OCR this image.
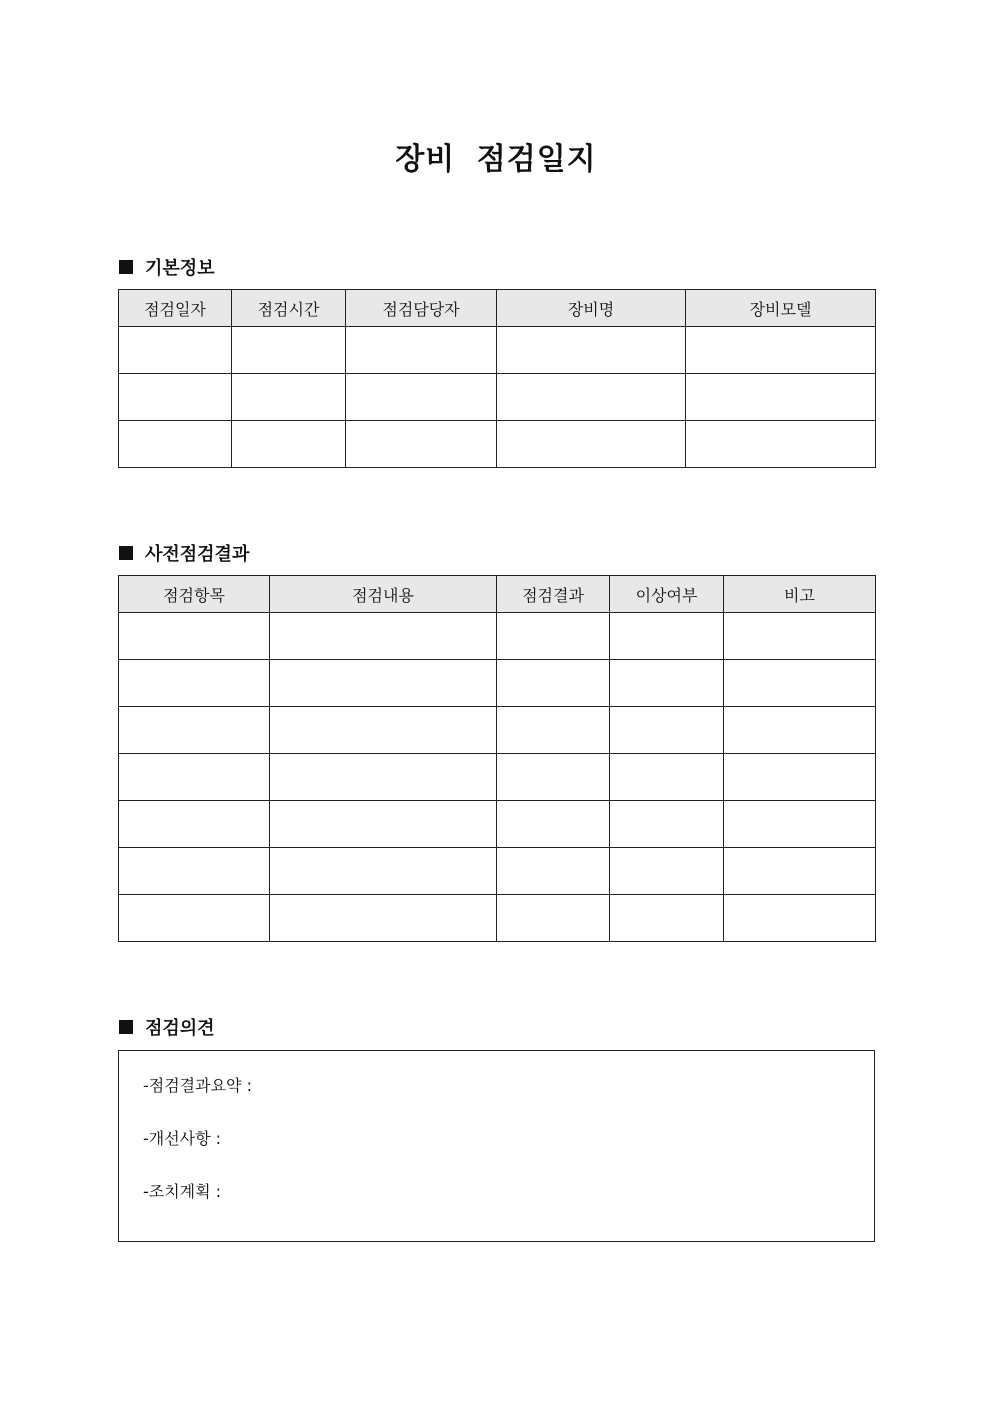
장비 점검일지
기본정보
점검일자	점검시간	점검담당자	장비명	장비모델

사전점검결과
점검항목	점검내용	점검결과	이상여부	비고

점검의견
-점검결과요약 :
-개선사항 :
-조치계획 :
